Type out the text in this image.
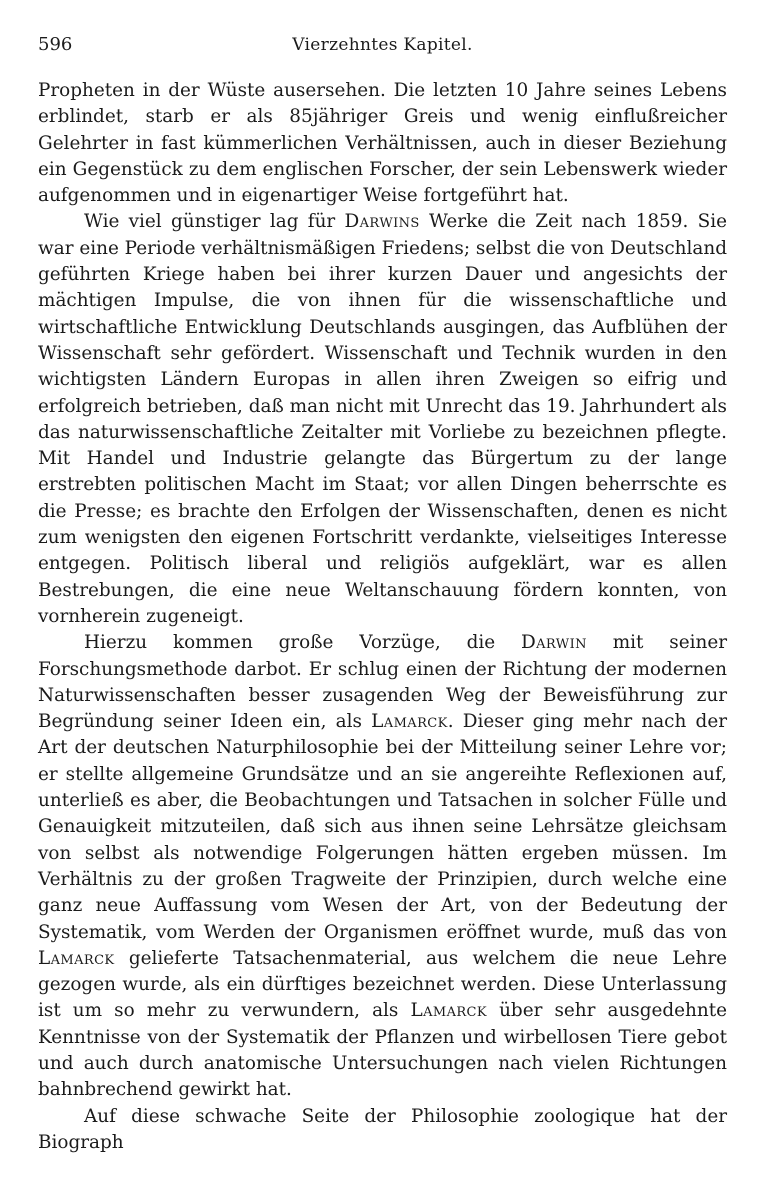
596	Vierzehntes Kapitel.

Propheten in der Wüste ausersehen. Die letzten 10 Jahre seines Lebens erblindet, starb er als 85jähriger Greis und wenig einflußreicher Gelehrter in fast kümmerlichen Verhältnissen, auch in dieser Beziehung ein Gegenstück zu dem englischen Forscher, der sein Lebenswerk wieder aufgenommen und in eigenartiger Weise fortgeführt hat.

Wie viel günstiger lag für Darwins Werke die Zeit nach 1859. Sie war eine Periode verhältnismäßigen Friedens; selbst die von Deutschland geführten Kriege haben bei ihrer kurzen Dauer und angesichts der mächtigen Impulse, die von ihnen für die wissenschaftliche und wirtschaftliche Entwicklung Deutschlands ausgingen, das Aufblühen der Wissenschaft sehr gefördert. Wissenschaft und Technik wurden in den wichtigsten Ländern Europas in allen ihren Zweigen so eifrig und erfolgreich betrieben, daß man nicht mit Unrecht das 19. Jahrhundert als das naturwissenschaftliche Zeitalter mit Vorliebe zu bezeichnen pflegte. Mit Handel und Industrie gelangte das Bürgertum zu der lange erstrebten politischen Macht im Staat; vor allen Dingen beherrschte es die Presse; es brachte den Erfolgen der Wissenschaften, denen es nicht zum wenigsten den eigenen Fortschritt verdankte, vielseitiges Interesse entgegen. Politisch liberal und religiös aufgeklärt, war es allen Bestrebungen, die eine neue Weltanschauung fördern konnten, von vornherein zugeneigt.

Hierzu kommen große Vorzüge, die Darwin mit seiner Forschungsmethode darbot. Er schlug einen der Richtung der modernen Naturwissenschaften besser zusagenden Weg der Beweisführung zur Begründung seiner Ideen ein, als Lamarck. Dieser ging mehr nach der Art der deutschen Naturphilosophie bei der Mitteilung seiner Lehre vor; er stellte allgemeine Grundsätze und an sie angereihte Reflexionen auf, unterließ es aber, die Beobachtungen und Tatsachen in solcher Fülle und Genauigkeit mitzuteilen, daß sich aus ihnen seine Lehrsätze gleichsam von selbst als notwendige Folgerungen hätten ergeben müssen. Im Verhältnis zu der großen Tragweite der Prinzipien, durch welche eine ganz neue Auffassung vom Wesen der Art, von der Bedeutung der Systematik, vom Werden der Organismen eröffnet wurde, muß das von Lamarck gelieferte Tatsachenmaterial, aus welchem die neue Lehre gezogen wurde, als ein dürftiges bezeichnet werden. Diese Unterlassung ist um so mehr zu verwundern, als Lamarck über sehr ausgedehnte Kenntnisse von der Systematik der Pflanzen und wirbellosen Tiere gebot und auch durch anatomische Untersuchungen nach vielen Richtungen bahnbrechend gewirkt hat.

Auf diese schwache Seite der Philosophie zoologique hat der Biograph
